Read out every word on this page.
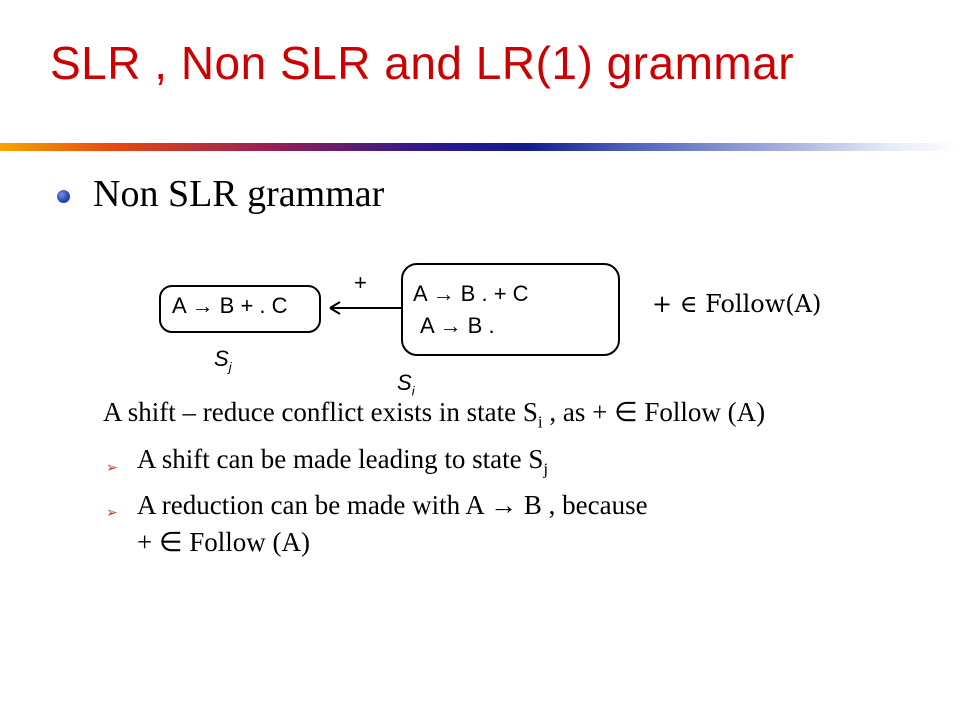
SLR , Non SLR and LR(1) grammar
Non SLR grammar
+
A → B + . C
$S_j$
A → B . + C
A → B .
$S_i$
+ ∈ Follow(A)
A shift – reduce conflict exists in state $S_i$ , as + ∈ Follow (A)
➢ A shift can be made leading to state $S_j$
➢ A reduction can be made with A → B , because
+ ∈ Follow (A)
